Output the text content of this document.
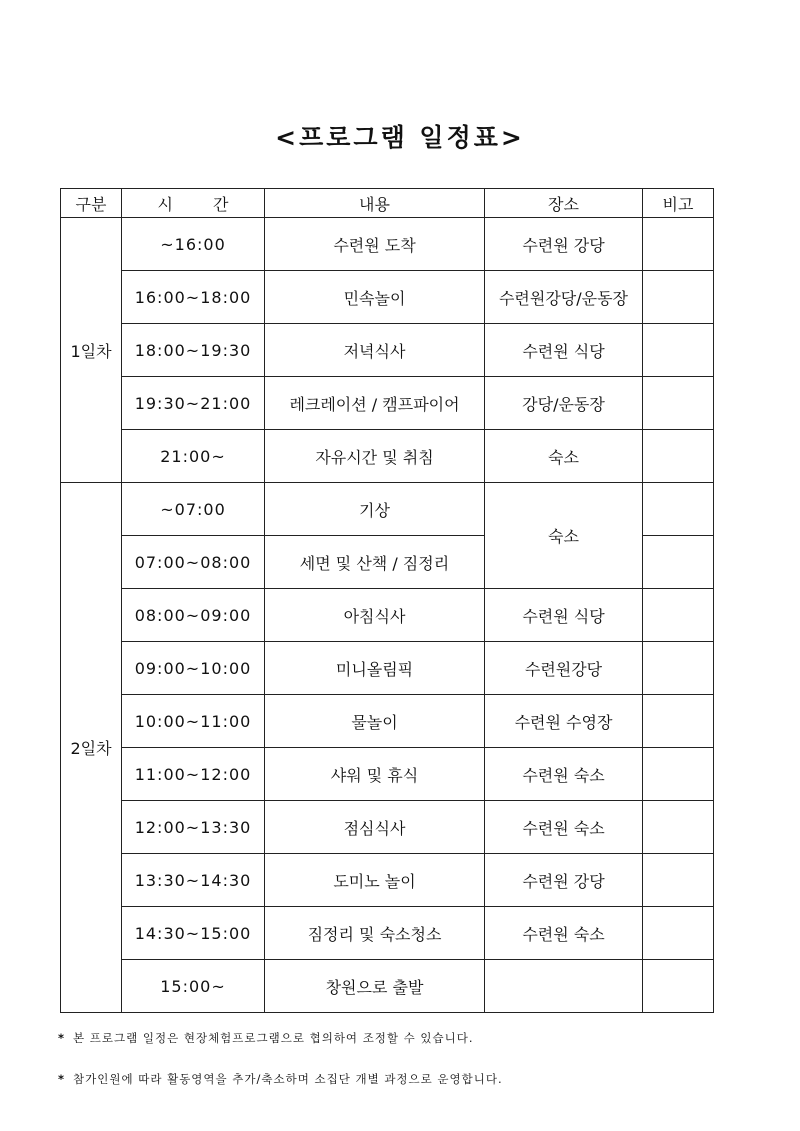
<프로그램 일정표>
구분	시 간	내용	장소	비고
1일차	~16:00	수련원 도착	수련원 강당	
	16:00~18:00	민속놀이	수련원강당/운동장	
	18:00~19:30	저녁식사	수련원 식당	
	19:30~21:00	레크레이션 / 캠프파이어	강당/운동장	
	21:00~	자유시간 및 취침	숙소	
2일차	~07:00	기상	숙소	
	07:00~08:00	세면 및 산책 / 짐정리		
	08:00~09:00	아침식사	수련원 식당	
	09:00~10:00	미니올림픽	수련원강당	
	10:00~11:00	물놀이	수련원 수영장	
	11:00~12:00	샤워 및 휴식	수련원 숙소	
	12:00~13:30	점심식사	수련원 숙소	
	13:30~14:30	도미노 놀이	수련원 강당	
	14:30~15:00	짐정리 및 숙소청소	수련원 숙소	
	15:00~	창원으로 출발		
* 본 프로그램 일정은 현장체험프로그램으로 협의하여 조정할 수 있습니다.
* 참가인원에 따라 활동영역을 추가/축소하며 소집단 개별 과정으로 운영합니다.
